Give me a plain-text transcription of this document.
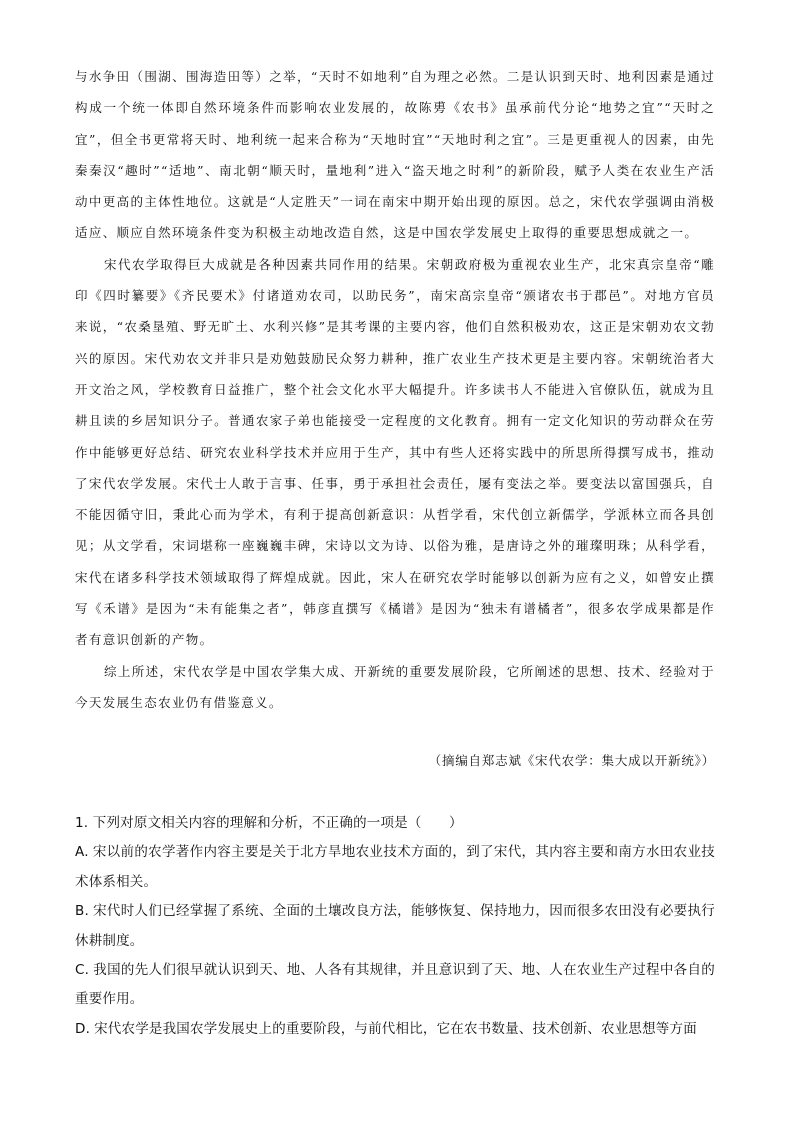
与水争田（围湖、围海造田等）之举，“天时不如地利”自为理之必然。二是认识到天时、地利因素是通过构成一个统一体即自然环境条件而影响农业发展的，故陈旉《农书》虽承前代分论“地势之宜”“天时之宜”，但全书更常将天时、地利统一起来合称为“天地时宜”“天地时利之宜”。三是更重视人的因素，由先秦秦汉“趣时”“适地”、南北朝“顺天时，量地利”进入“盗天地之时利”的新阶段，赋予人类在农业生产活动中更高的主体性地位。这就是“人定胜天”一词在南宋中期开始出现的原因。总之，宋代农学强调由消极适应、顺应自然环境条件变为积极主动地改造自然，这是中国农学发展史上取得的重要思想成就之一。

宋代农学取得巨大成就是各种因素共同作用的结果。宋朝政府极为重视农业生产，北宋真宗皇帝“雕印《四时纂要》《齐民要术》付诸道劝农司，以助民务”，南宋高宗皇帝“颁诸农书于郡邑”。对地方官员来说，“农桑垦殖、野无旷土、水利兴修”是其考课的主要内容，他们自然积极劝农，这正是宋朝劝农文勃兴的原因。宋代劝农文并非只是劝勉鼓励民众努力耕种，推广农业生产技术更是主要内容。宋朝统治者大开文治之风，学校教育日益推广，整个社会文化水平大幅提升。许多读书人不能进入官僚队伍，就成为且耕且读的乡居知识分子。普通农家子弟也能接受一定程度的文化教育。拥有一定文化知识的劳动群众在劳作中能够更好总结、研究农业科学技术并应用于生产，其中有些人还将实践中的所思所得撰写成书，推动了宋代农学发展。宋代士人敢于言事、任事，勇于承担社会责任，屡有变法之举。要变法以富国强兵，自不能因循守旧，秉此心而为学术，有利于提高创新意识：从哲学看，宋代创立新儒学，学派林立而各具创见；从文学看，宋词堪称一座巍巍丰碑，宋诗以文为诗、以俗为雅，是唐诗之外的璀璨明珠；从科学看，宋代在诸多科学技术领域取得了辉煌成就。因此，宋人在研究农学时能够以创新为应有之义，如曾安止撰写《禾谱》是因为“未有能集之者”，韩彦直撰写《橘谱》是因为“独未有谱橘者”，很多农学成果都是作者有意识创新的产物。

综上所述，宋代农学是中国农学集大成、开新统的重要发展阶段，它所阐述的思想、技术、经验对于今天发展生态农业仍有借鉴意义。

（摘编自郑志斌《宋代农学：集大成以开新统》）

1. 下列对原文相关内容的理解和分析，不正确的一项是（　　）

A. 宋以前的农学著作内容主要是关于北方旱地农业技术方面的，到了宋代，其内容主要和南方水田农业技术体系相关。

B. 宋代时人们已经掌握了系统、全面的土壤改良方法，能够恢复、保持地力，因而很多农田没有必要执行休耕制度。

C. 我国的先人们很早就认识到天、地、人各有其规律，并且意识到了天、地、人在农业生产过程中各自的重要作用。

D. 宋代农学是我国农学发展史上的重要阶段，与前代相比，它在农书数量、技术创新、农业思想等方面
